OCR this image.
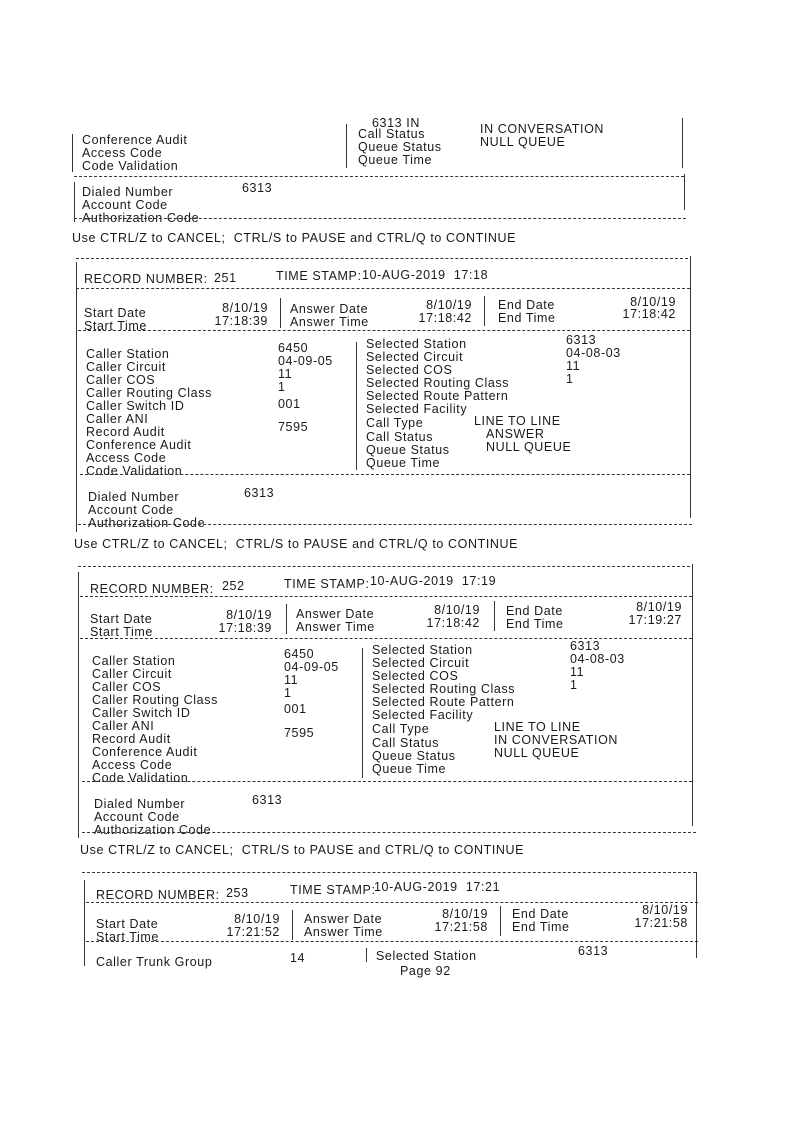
6313 IN
Conference Audit
Access Code
Code Validation
Call Status	IN CONVERSATION
Queue Status	NULL QUEUE
Queue Time
Dialed Number	6313
Account Code
Authorization Code
Use CTRL/Z to CANCEL;  CTRL/S to PAUSE and CTRL/Q to CONTINUE
RECORD NUMBER: 251	TIME STAMP: 10-AUG-2019  17:18
Start Date	8/10/19
Start Time	17:18:39
Answer Date	8/10/19
Answer Time	17:18:42
End Date	8/10/19
End Time	17:18:42
Caller Station	6450
Caller Circuit	04-09-05
Caller COS	11
Caller Routing Class	1
Caller Switch ID	001
Caller ANI
Record Audit	7595
Conference Audit
Access Code
Code Validation
Selected Station	6313
Selected Circuit	04-08-03
Selected COS	11
Selected Routing Class	1
Selected Route Pattern
Selected Facility
Call Type	LINE TO LINE
Call Status	ANSWER
Queue Status	NULL QUEUE
Queue Time
Dialed Number	6313
Account Code
Authorization Code
Use CTRL/Z to CANCEL;  CTRL/S to PAUSE and CTRL/Q to CONTINUE
RECORD NUMBER: 252	TIME STAMP: 10-AUG-2019  17:19
Start Date	8/10/19
Start Time	17:18:39
Answer Date	8/10/19
Answer Time	17:18:42
End Date	8/10/19
End Time	17:19:27
Caller Station	6450
Caller Circuit	04-09-05
Caller COS	11
Caller Routing Class	1
Caller Switch ID	001
Caller ANI
Record Audit	7595
Conference Audit
Access Code
Code Validation
Selected Station	6313
Selected Circuit	04-08-03
Selected COS	11
Selected Routing Class	1
Selected Route Pattern
Selected Facility
Call Type	LINE TO LINE
Call Status	IN CONVERSATION
Queue Status	NULL QUEUE
Queue Time
Dialed Number	6313
Account Code
Authorization Code
Use CTRL/Z to CANCEL;  CTRL/S to PAUSE and CTRL/Q to CONTINUE
RECORD NUMBER: 253	TIME STAMP:
10-AUG-2019  17:21
Start Date	8/10/19
Start Time	17:21:52
Answer Date	8/10/19
Answer Time	17:21:58
End Date	8/10/19
End Time	17:21:58
Caller Trunk Group	14	Selected Station	6313
Page 92
